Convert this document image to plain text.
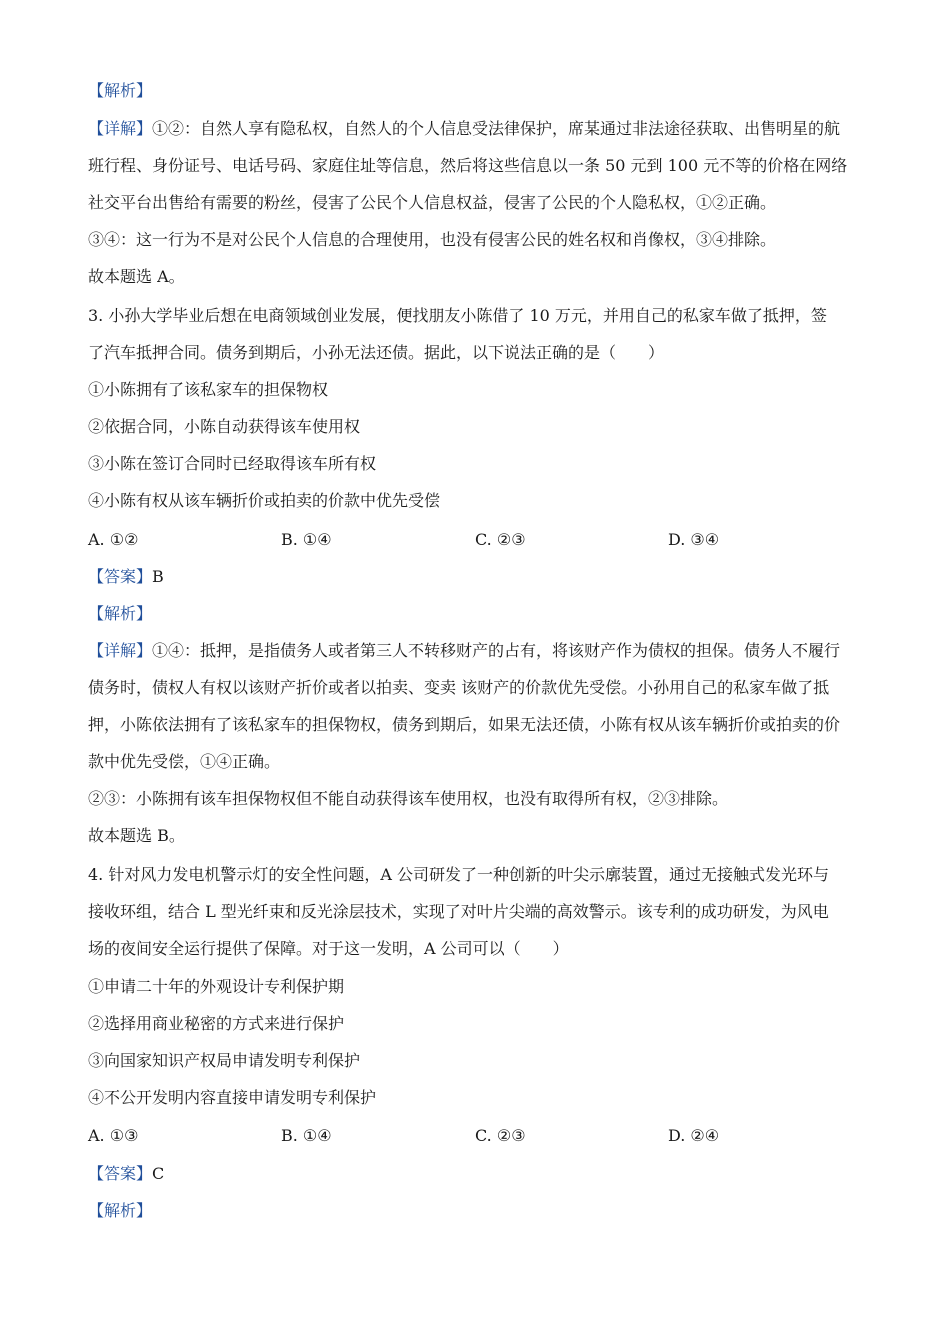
【解析】
【详解】①②：自然人享有隐私权，自然人的个人信息受法律保护，席某通过非法途径获取、出售明星的航
班行程、身份证号、电话号码、家庭住址等信息，然后将这些信息以一条 50 元到 100 元不等的价格在网络
社交平台出售给有需要的粉丝，侵害了公民个人信息权益，侵害了公民的个人隐私权，①②正确。
③④：这一行为不是对公民个人信息的合理使用，也没有侵害公民的姓名权和肖像权，③④排除。
故本题选 A。
3. 小孙大学毕业后想在电商领域创业发展，便找朋友小陈借了 10 万元，并用自己的私家车做了抵押，签
了汽车抵押合同。债务到期后，小孙无法还债。据此，以下说法正确的是（　　）
①小陈拥有了该私家车的担保物权
②依据合同，小陈自动获得该车使用权
③小陈在签订合同时已经取得该车所有权
④小陈有权从该车辆折价或拍卖的价款中优先受偿
A. ①②	B. ①④	C. ②③	D. ③④
【答案】B
【解析】
【详解】①④：抵押，是指债务人或者第三人不转移财产的占有，将该财产作为债权的担保。债务人不履行
债务时，债权人有权以该财产折价或者以拍卖、变卖 该财产的价款优先受偿。小孙用自己的私家车做了抵
押，小陈依法拥有了该私家车的担保物权，债务到期后，如果无法还债，小陈有权从该车辆折价或拍卖的价
款中优先受偿，①④正确。
②③：小陈拥有该车担保物权但不能自动获得该车使用权，也没有取得所有权，②③排除。
故本题选 B。
4. 针对风力发电机警示灯的安全性问题，A 公司研发了一种创新的叶尖示廓装置，通过无接触式发光环与
接收环组，结合 L 型光纤束和反光涂层技术，实现了对叶片尖端的高效警示。该专利的成功研发，为风电
场的夜间安全运行提供了保障。对于这一发明，A 公司可以（　　）
①申请二十年的外观设计专利保护期
②选择用商业秘密的方式来进行保护
③向国家知识产权局申请发明专利保护
④不公开发明内容直接申请发明专利保护
A. ①③	B. ①④	C. ②③	D. ②④
【答案】C
【解析】
